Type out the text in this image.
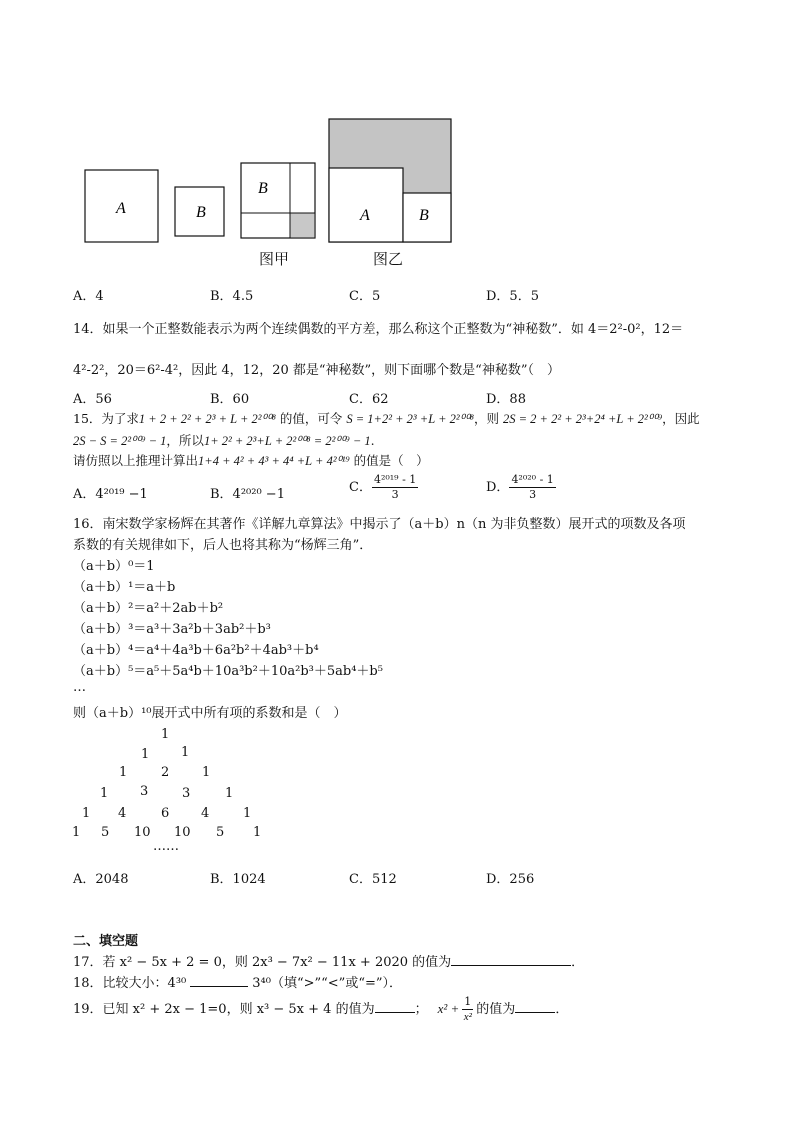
A	B
B
A	B
图甲	图乙
A．4	B．4.5	C．5	D．5．5
14．如果一个正整数能表示为两个连续偶数的平方差，那么称这个正整数为“神秘数”．如 4＝2²-0²，12＝
4²-2²，20＝6²-4²，因此 4，12，20 都是“神秘数”，则下面哪个数是“神秘数”（　）
A．56	B．60	C．62	D．88
15．为了求1 + 2 + 2² + 2³ + L + 2²⁰⁰⁸ 的值，可令 S = 1+2² + 2³ +L + 2²⁰⁰⁸，则 2S = 2 + 2² + 2³+2⁴ +L + 2²⁰⁰⁹，因此
2S − S = 2²⁰⁰⁹ − 1，所以1+ 2² + 2³+L + 2²⁰⁰⁸ = 2²⁰⁰⁹ − 1.
请仿照以上推理计算出1+4 + 4² + 4³ + 4⁴ +L + 4²⁰¹⁹ 的值是（　）
A．4²⁰¹⁹ −1	B．4²⁰²⁰ −1	C． $\frac{\text{4²⁰¹⁹ - 1}}{3}$	D． $\frac{\text{4²⁰²⁰ - 1}}{3}$
16．南宋数学家杨辉在其著作《详解九章算法》中揭示了（a＋b）n（n 为非负整数）展开式的项数及各项
系数的有关规律如下，后人也将其称为“杨辉三角”．
（a＋b）⁰＝1
（a＋b）¹＝a＋b
（a＋b）²＝a²＋2ab＋b²
（a＋b）³＝a³＋3a²b＋3ab²＋b³
（a＋b）⁴＝a⁴＋4a³b＋6a²b²＋4ab³＋b⁴
（a＋b）⁵＝a⁵＋5a⁴b＋10a³b²＋10a²b³＋5ab⁴＋b⁵
…
则（a＋b）¹⁰展开式中所有项的系数和是（　）
1
1 1
1	2	1
1 3	3	1
1 4	6 4	1
1 5 10 10 5 1
……
A．2048	B．1024	C．512	D．256
二、填空题
17．若 x² − 5x + 2 = 0，则 2x³ − 7x² − 11x + 2020 的值为	．
18．比较大小：4³⁰	3⁴⁰（填“>”“<”或“=”）．
19．已知 x² + 2x − 1=0，则 x³ − 5x + 4 的值为	； $x^2 + \frac{1}{\text{x²}}$ 的值为	．
